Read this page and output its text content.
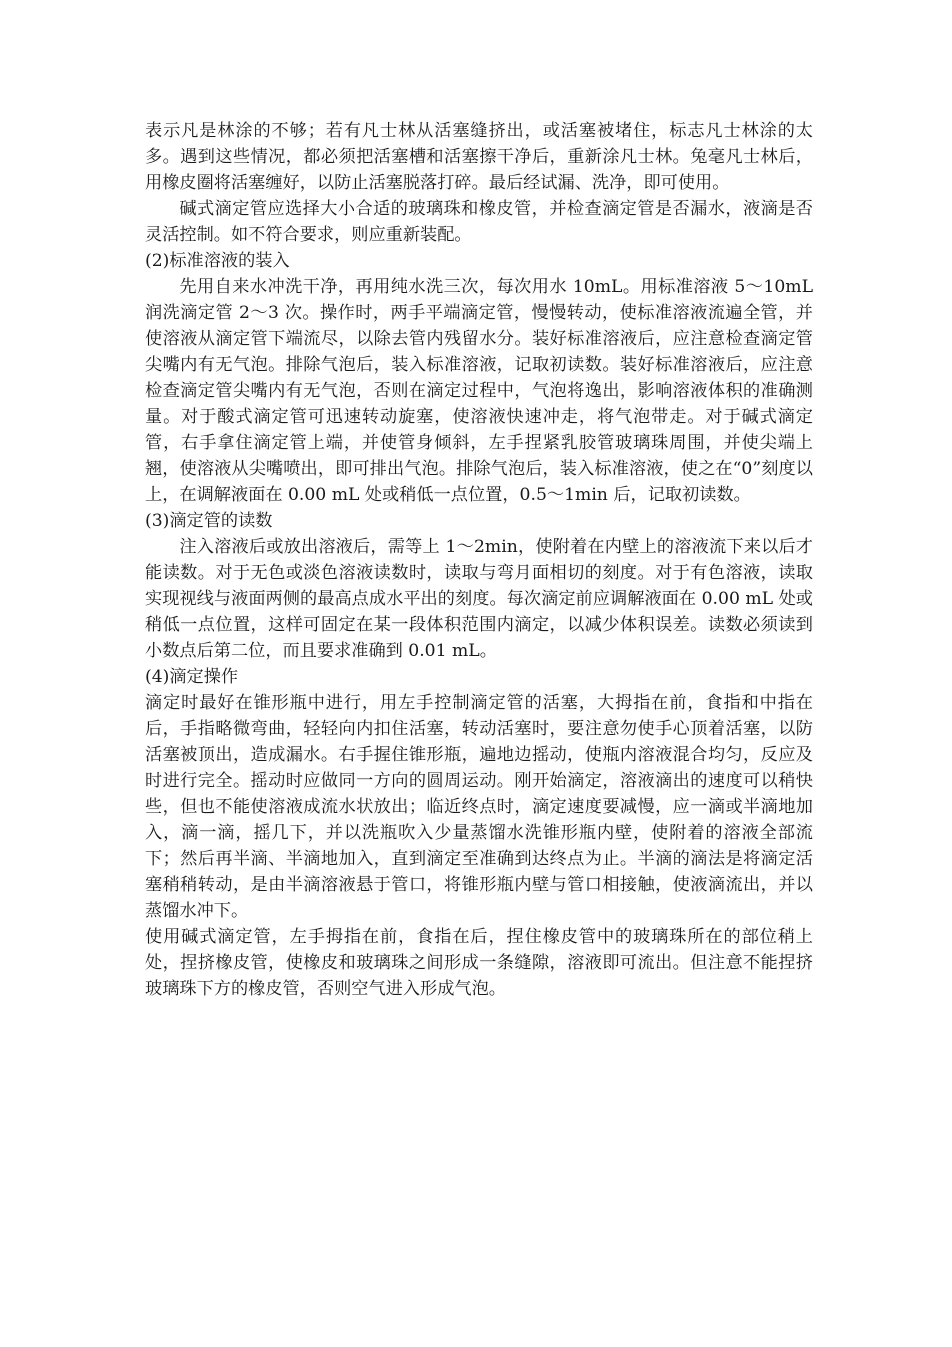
表示凡是林涂的不够；若有凡士林从活塞缝挤出，或活塞被堵住，标志凡士林涂的太多。遇到这些情况，都必须把活塞槽和活塞擦干净后，重新涂凡士林。兔毫凡士林后，用橡皮圈将活塞缠好，以防止活塞脱落打碎。最后经试漏、洗净，即可使用。

碱式滴定管应选择大小合适的玻璃珠和橡皮管，并检查滴定管是否漏水，液滴是否灵活控制。如不符合要求，则应重新装配。

(2)标准溶液的装入

先用自来水冲洗干净，再用纯水洗三次，每次用水 10mL。用标准溶液 5～10mL 润洗滴定管 2～3 次。操作时，两手平端滴定管，慢慢转动，使标准溶液流遍全管，并使溶液从滴定管下端流尽，以除去管内残留水分。装好标准溶液后，应注意检查滴定管尖嘴内有无气泡。排除气泡后，装入标准溶液，记取初读数。装好标准溶液后，应注意检查滴定管尖嘴内有无气泡，否则在滴定过程中，气泡将逸出，影响溶液体积的准确测量。对于酸式滴定管可迅速转动旋塞，使溶液快速冲走，将气泡带走。对于碱式滴定管，右手拿住滴定管上端，并使管身倾斜，左手捏紧乳胶管玻璃珠周围，并使尖端上翘，使溶液从尖嘴喷出，即可排出气泡。排除气泡后，装入标准溶液，使之在“0”刻度以上，在调解液面在 0.00 mL 处或稍低一点位置，0.5～1min 后，记取初读数。

(3)滴定管的读数

注入溶液后或放出溶液后，需等上 1～2min，使附着在内壁上的溶液流下来以后才能读数。对于无色或淡色溶液读数时，读取与弯月面相切的刻度。对于有色溶液，读取实现视线与液面两侧的最高点成水平出的刻度。每次滴定前应调解液面在 0.00 mL 处或稍低一点位置，这样可固定在某一段体积范围内滴定，以减少体积误差。读数必须读到小数点后第二位，而且要求准确到 0.01 mL。

(4)滴定操作

滴定时最好在锥形瓶中进行，用左手控制滴定管的活塞，大拇指在前，食指和中指在后，手指略微弯曲，轻轻向内扣住活塞，转动活塞时，要注意勿使手心顶着活塞，以防活塞被顶出，造成漏水。右手握住锥形瓶，遍地边摇动，使瓶内溶液混合均匀，反应及时进行完全。摇动时应做同一方向的圆周运动。刚开始滴定，溶液滴出的速度可以稍快些，但也不能使溶液成流水状放出；临近终点时，滴定速度要减慢，应一滴或半滴地加入，滴一滴，摇几下，并以洗瓶吹入少量蒸馏水洗锥形瓶内壁，使附着的溶液全部流下；然后再半滴、半滴地加入，直到滴定至准确到达终点为止。半滴的滴法是将滴定活塞稍稍转动，是由半滴溶液悬于管口，将锥形瓶内壁与管口相接触，使液滴流出，并以蒸馏水冲下。

使用碱式滴定管，左手拇指在前，食指在后，捏住橡皮管中的玻璃珠所在的部位稍上处，捏挤橡皮管，使橡皮和玻璃珠之间形成一条缝隙，溶液即可流出。但注意不能捏挤玻璃珠下方的橡皮管，否则空气进入形成气泡。
